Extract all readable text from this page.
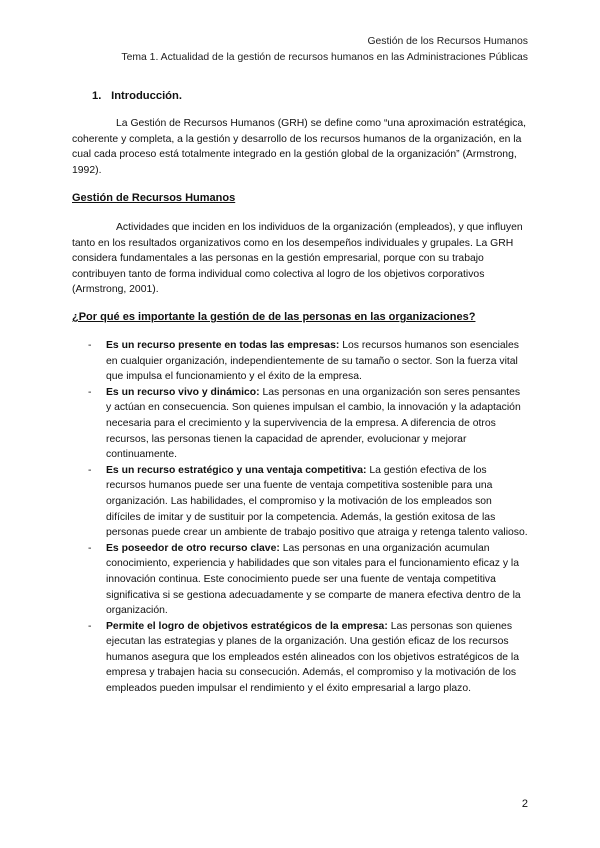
Gestión de los Recursos Humanos
Tema 1. Actualidad de la gestión de recursos humanos en las Administraciones Públicas
1. Introducción.
La Gestión de Recursos Humanos (GRH) se define como “una aproximación estratégica, coherente y completa, a la gestión y desarrollo de los recursos humanos de la organización, en la cual cada proceso está totalmente integrado en la gestión global de la organización” (Armstrong, 1992).
Gestión de Recursos Humanos
Actividades que inciden en los individuos de la organización (empleados), y que influyen tanto en los resultados organizativos como en los desempeños individuales y grupales. La GRH considera fundamentales a las personas en la gestión empresarial, porque con su trabajo contribuyen tanto de forma individual como colectiva al logro de los objetivos corporativos (Armstrong, 2001).
¿Por qué es importante la gestión de de las personas en las organizaciones?
- Es un recurso presente en todas las empresas: Los recursos humanos son esenciales en cualquier organización, independientemente de su tamaño o sector. Son la fuerza vital que impulsa el funcionamiento y el éxito de la empresa.
- Es un recurso vivo y dinámico: Las personas en una organización son seres pensantes y actúan en consecuencia. Son quienes impulsan el cambio, la innovación y la adaptación necesaria para el crecimiento y la supervivencia de la empresa. A diferencia de otros recursos, las personas tienen la capacidad de aprender, evolucionar y mejorar continuamente.
- Es un recurso estratégico y una ventaja competitiva: La gestión efectiva de los recursos humanos puede ser una fuente de ventaja competitiva sostenible para una organización. Las habilidades, el compromiso y la motivación de los empleados son difíciles de imitar y de sustituir por la competencia. Además, la gestión exitosa de las personas puede crear un ambiente de trabajo positivo que atraiga y retenga talento valioso.
- Es poseedor de otro recurso clave: Las personas en una organización acumulan conocimiento, experiencia y habilidades que son vitales para el funcionamiento eficaz y la innovación continua. Este conocimiento puede ser una fuente de ventaja competitiva significativa si se gestiona adecuadamente y se comparte de manera efectiva dentro de la organización.
- Permite el logro de objetivos estratégicos de la empresa: Las personas son quienes ejecutan las estrategias y planes de la organización. Una gestión eficaz de los recursos humanos asegura que los empleados estén alineados con los objetivos estratégicos de la empresa y trabajen hacia su consecución. Además, el compromiso y la motivación de los empleados pueden impulsar el rendimiento y el éxito empresarial a largo plazo.
2
